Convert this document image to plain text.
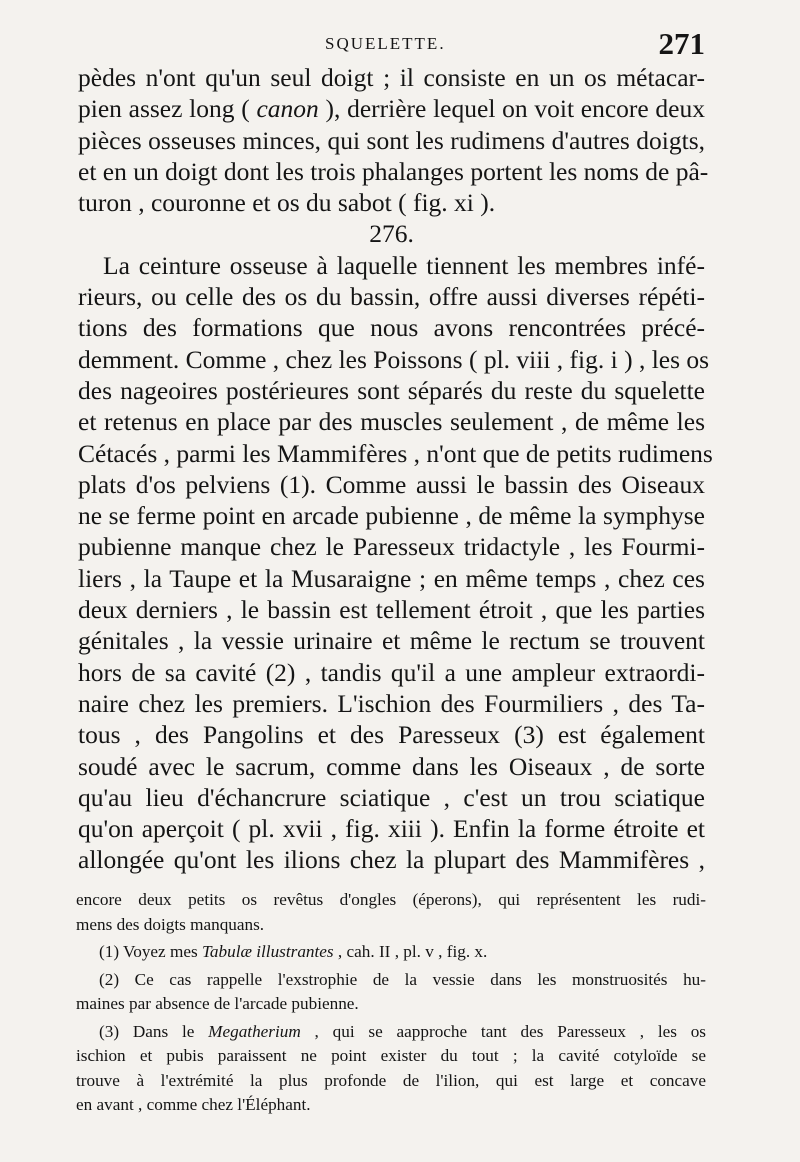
SQUELETTE.	271
pèdes n'ont qu'un seul doigt ; il consiste en un os métacar-
pien assez long ( canon ), derrière lequel on voit encore deux
pièces osseuses minces, qui sont les rudimens d'autres doigts,
et en un doigt dont les trois phalanges portent les noms de pâ-
turon , couronne et os du sabot ( fig. xi ).
276.
La ceinture osseuse à laquelle tiennent les membres infé-
rieurs, ou celle des os du bassin, offre aussi diverses répéti-
tions des formations que nous avons rencontrées précé-
demment. Comme , chez les Poissons ( pl. viii , fig. i ) , les os
des nageoires postérieures sont séparés du reste du squelette
et retenus en place par des muscles seulement , de même les
Cétacés , parmi les Mammifères , n'ont que de petits rudimens
plats d'os pelviens (1). Comme aussi le bassin des Oiseaux
ne se ferme point en arcade pubienne , de même la symphyse
pubienne manque chez le Paresseux tridactyle , les Fourmi-
liers , la Taupe et la Musaraigne ; en même temps , chez ces
deux derniers , le bassin est tellement étroit , que les parties
génitales , la vessie urinaire et même le rectum se trouvent
hors de sa cavité (2) , tandis qu'il a une ampleur extraordi-
naire chez les premiers. L'ischion des Fourmiliers , des Ta-
tous , des Pangolins et des Paresseux (3) est également
soudé avec le sacrum, comme dans les Oiseaux , de sorte
qu'au lieu d'échancrure sciatique , c'est un trou sciatique
qu'on aperçoit ( pl. xvii , fig. xiii ). Enfin la forme étroite et
allongée qu'ont les ilions chez la plupart des Mammifères ,
encore deux petits os revêtus d'ongles (éperons), qui représentent les rudi-
mens des doigts manquans.
(1) Voyez mes Tabulæ illustrantes , cah. II , pl. v , fig. x.
(2) Ce cas rappelle l'exstrophie de la vessie dans les monstruosités hu-
maines par absence de l'arcade pubienne.
(3) Dans le Megatherium , qui se aapproche tant des Paresseux , les os
ischion et pubis paraissent ne point exister du tout ; la cavité cotyloïde se
trouve à l'extrémité la plus profonde de l'ilion, qui est large et concave
en avant , comme chez l'Éléphant.
